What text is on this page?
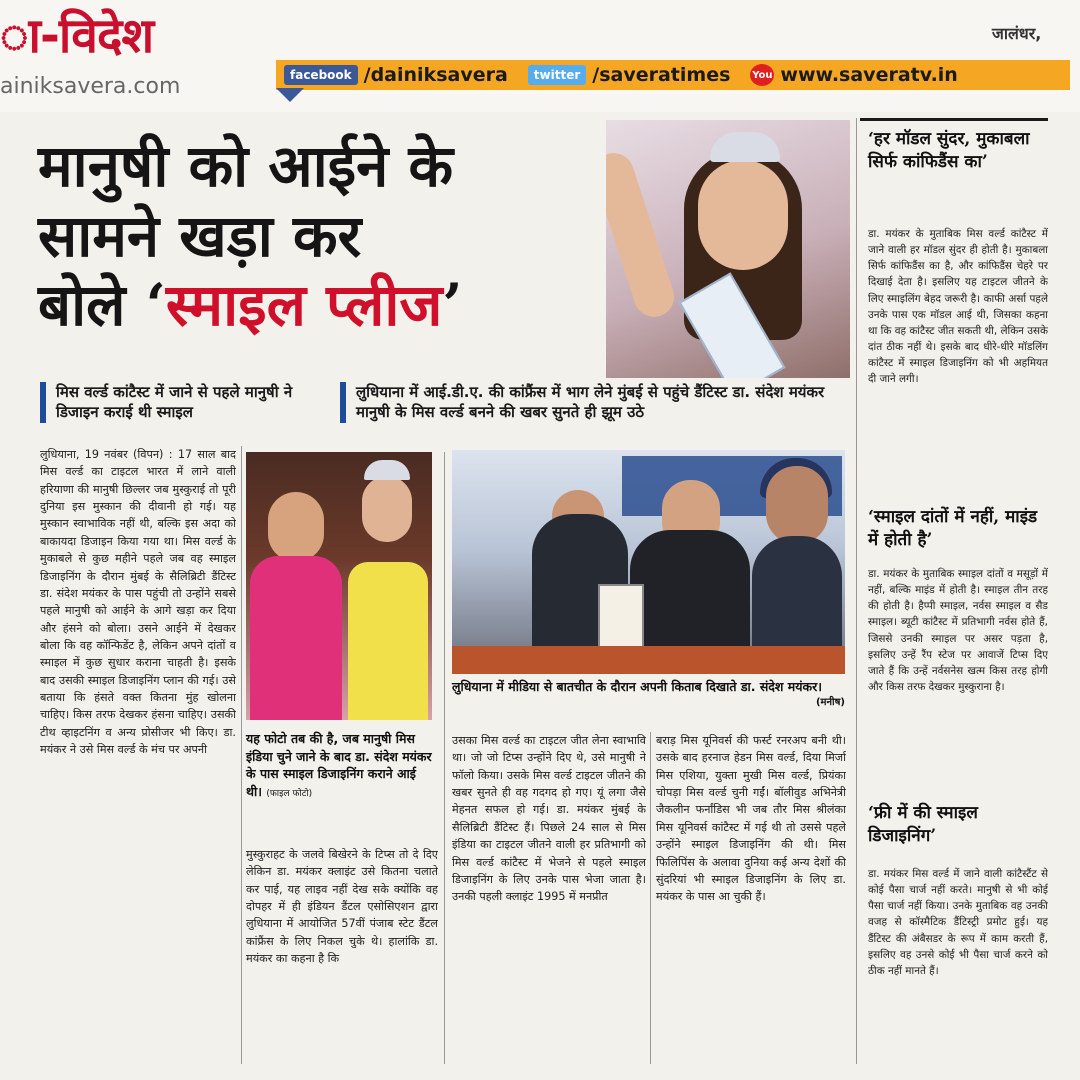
ा-विदेश
ainiksavera.com
जालंधर,
facebook /dainiksavera	twitter /saveratimes You www.saveratv.in
मानुषी को आईने के
सामने खड़ा कर
बोले ‘स्माइल प्लीज’
मिस वर्ल्ड कांटैस्ट में जाने से पहले मानुषी ने डिजाइन कराई थी स्माइल
लुधियाना में आई.डी.ए. की कांफ्रैंस में भाग लेने मुंबई से पहुंचे डैंटिस्ट डा. संदेश मयंकर मानुषी के मिस वर्ल्ड बनने की खबर सुनते ही झूम उठे
लुधियाना, 19 नवंबर (विपन) : 17 साल बाद मिस वर्ल्ड का टाइटल भारत में लाने वाली हरियाणा की मानुषी छिल्लर जब मुस्कुराई तो पूरी दुनिया इस मुस्कान की दीवानी हो गई। यह मुस्कान स्वाभाविक नहीं थी, बल्कि इस अदा को बाकायदा डिजाइन किया गया था। मिस वर्ल्ड के मुकाबले से कुछ महीने पहले जब वह स्माइल डिजाइनिंग के दौरान मुंबई के सैलिब्रिटी डैंटिस्ट डा. संदेश मयंकर के पास पहुंची तो उन्होंने सबसे पहले मानुषी को आईने के आगे खड़ा कर दिया और हंसने को बोला। उसने आईने में देखकर बोला कि वह कॉन्फिडेंट है, लेकिन अपने दांतों व स्माइल में कुछ सुधार कराना चाहती है। इसके बाद उसकी स्माइल डिजाइनिंग प्लान की गई। उसे बताया कि हंसते वक्त कितना मुंह खोलना चाहिए। किस तरफ देखकर हंसना चाहिए। उसकी टीथ व्हाइटनिंग व अन्य प्रोसीजर भी किए। डा. मयंकर ने उसे मिस वर्ल्ड के मंच पर अपनी
यह फोटो तब की है, जब मानुषी मिस इंडिया चुने जाने के बाद डा. संदेश मयंकर के पास स्माइल डिजाइनिंग कराने आई थी। (फाइल फोटो)
मुस्कुराहट के जलवे बिखेरने के टिप्स तो दे दिए लेकिन डा. मयंकर क्लाइंट उसे कितना चलाते कर पाई, यह लाइव नहीं देख सके क्योंकि वह दोपहर में ही इंडियन डैंटल एसोसिएशन द्वारा लुधियाना में आयोजित 57वीं पंजाब स्टेट डैंटल कांफ्रैंस के लिए निकल चुके थे। हालांकि डा. मयंकर का कहना है कि
लुधियाना में मीडिया से बातचीत के दौरान अपनी किताब दिखाते डा. संदेश मयंकर।
(मनीष)
उसका मिस वर्ल्ड का टाइटल जीत लेना स्वाभावि था। जो जो टिप्स उन्होंने दिए थे, उसे मानुषी ने फॉलो किया। उसके मिस वर्ल्ड टाइटल जीतने की खबर सुनते ही वह गदगद हो गए। यूं लगा जैसे मेहनत सफल हो गई। डा. मयंकर मुंबई के सैलिब्रिटी डैंटिस्ट हैं। पिछले 24 साल से मिस इंडिया का टाइटल जीतने वाली हर प्रतिभागी को मिस वर्ल्ड कांटैस्ट में भेजने से पहले स्माइल डिजाइनिंग के लिए उनके पास भेजा जाता है। उनकी पहली क्लाइंट 1995 में मनप्रीत
बराड़ मिस यूनिवर्स की फर्स्ट रनरअप बनी थी। उसके बाद हरनाज हेडन मिस वर्ल्ड, दिया मिर्जा मिस एशिया, युक्ता मुखी मिस वर्ल्ड, प्रियंका चोपड़ा मिस वर्ल्ड चुनी गईं। बॉलीवुड अभिनेत्री जैकलीन फर्नांडिस भी जब तौर मिस श्रीलंका मिस यूनिवर्स कांटैस्ट में गई थी तो उससे पहले उन्होंने स्माइल डिजाइनिंग की थी। मिस फिलिपिंस के अलावा दुनिया कई अन्य देशों की सुंदरियां भी स्माइल डिजाइनिंग के लिए डा. मयंकर के पास आ चुकी हैं।
‘हर मॉडल सुंदर, मुकाबला सिर्फ कांफिडैंस का’
डा. मयंकर के मुताबिक मिस वर्ल्ड कांटैस्ट में जाने वाली हर मॉडल सुंदर ही होती है। मुकाबला सिर्फ कांफिडैंस का है, और कांफिडैंस चेहरे पर दिखाई देता है। इसलिए यह टाइटल जीतने के लिए स्माइलिंग बेहद जरूरी है। काफी अर्सा पहले उनके पास एक मॉडल आई थी, जिसका कहना था कि वह कांटैस्ट जीत सकती थी, लेकिन उसके दांत ठीक नहीं थे। इसके बाद धीरे-धीरे मॉडलिंग कांटैस्ट में स्माइल डिजाइनिंग को भी अहमियत दी जाने लगी।
‘स्माइल दांतों में नहीं, माइंड में होती है’
डा. मयंकर के मुताबिक स्माइल दांतों व मसूड़ों में नहीं, बल्कि माइंड में होती है। स्माइल तीन तरह की होती है। हैप्पी स्माइल, नर्वस स्माइल व सैड स्माइल। ब्यूटी कांटैस्ट में प्रतिभागी नर्वस होते हैं, जिससे उनकी स्माइल पर असर पड़ता है, इसलिए उन्हें रैंप स्टेज पर आवाजें टिप्स दिए जाते हैं कि उन्हें नर्वसनेस खत्म किस तरह होगी और किस तरफ देखकर मुस्कुराना है।
‘फ्री में की स्माइल डिजाइनिंग’
डा. मयंकर मिस वर्ल्ड में जाने वाली कांटैस्टैंट से कोई पैसा चार्ज नहीं करते। मानुषी से भी कोई पैसा चार्ज नहीं किया। उनके मुताबिक वह उनकी वजह से कॉस्मैटिक डैंटिस्ट्री प्रमोट हुई। यह डैंटिस्ट की अंबैसडर के रूप में काम करती हैं, इसलिए वह उनसे कोई भी पैसा चार्ज करने को ठीक नहीं मानते हैं।
